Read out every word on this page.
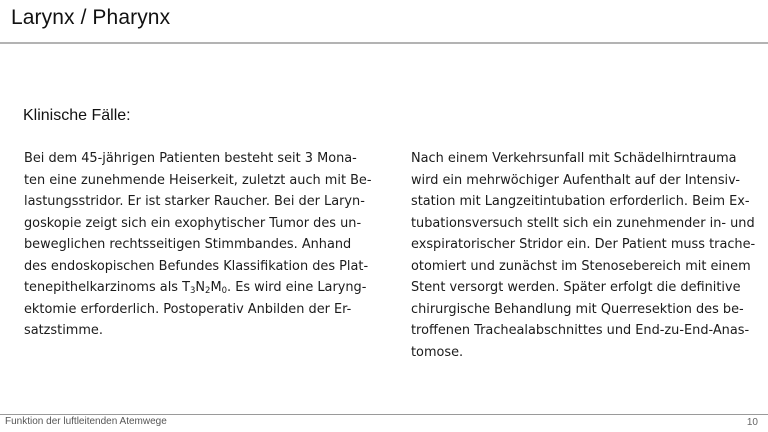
Larynx / Pharynx
Klinische Fälle:
Bei dem 45-jährigen Patienten besteht seit 3 Mona-
ten eine zunehmende Heiserkeit, zuletzt auch mit Be-
lastungsstridor. Er ist starker Raucher. Bei der Laryn-
goskopie zeigt sich ein exophytischer Tumor des un-
beweglichen rechtsseitigen Stimmbandes. Anhand
des endoskopischen Befundes Klassifikation des Plat-
tenepithelkarzinoms als $T_3N_2M_0$. Es wird eine Laryng-
ektomie erforderlich. Postoperativ Anbilden der Er-
satzstimme.
Nach einem Verkehrsunfall mit Schädelhirntrauma
wird ein mehrwöchiger Aufenthalt auf der Intensiv-
station mit Langzeitintubation erforderlich. Beim Ex-
tubationsversuch stellt sich ein zunehmender in- und
exspiratorischer Stridor ein. Der Patient muss trache-
otomiert und zunächst im Stenosebereich mit einem
Stent versorgt werden. Später erfolgt die definitive
chirurgische Behandlung mit Querresektion des be-
troffenen Trachealabschnittes und End-zu-End-Anas-
tomose.
Funktion der luftleitenden Atemwege	10
